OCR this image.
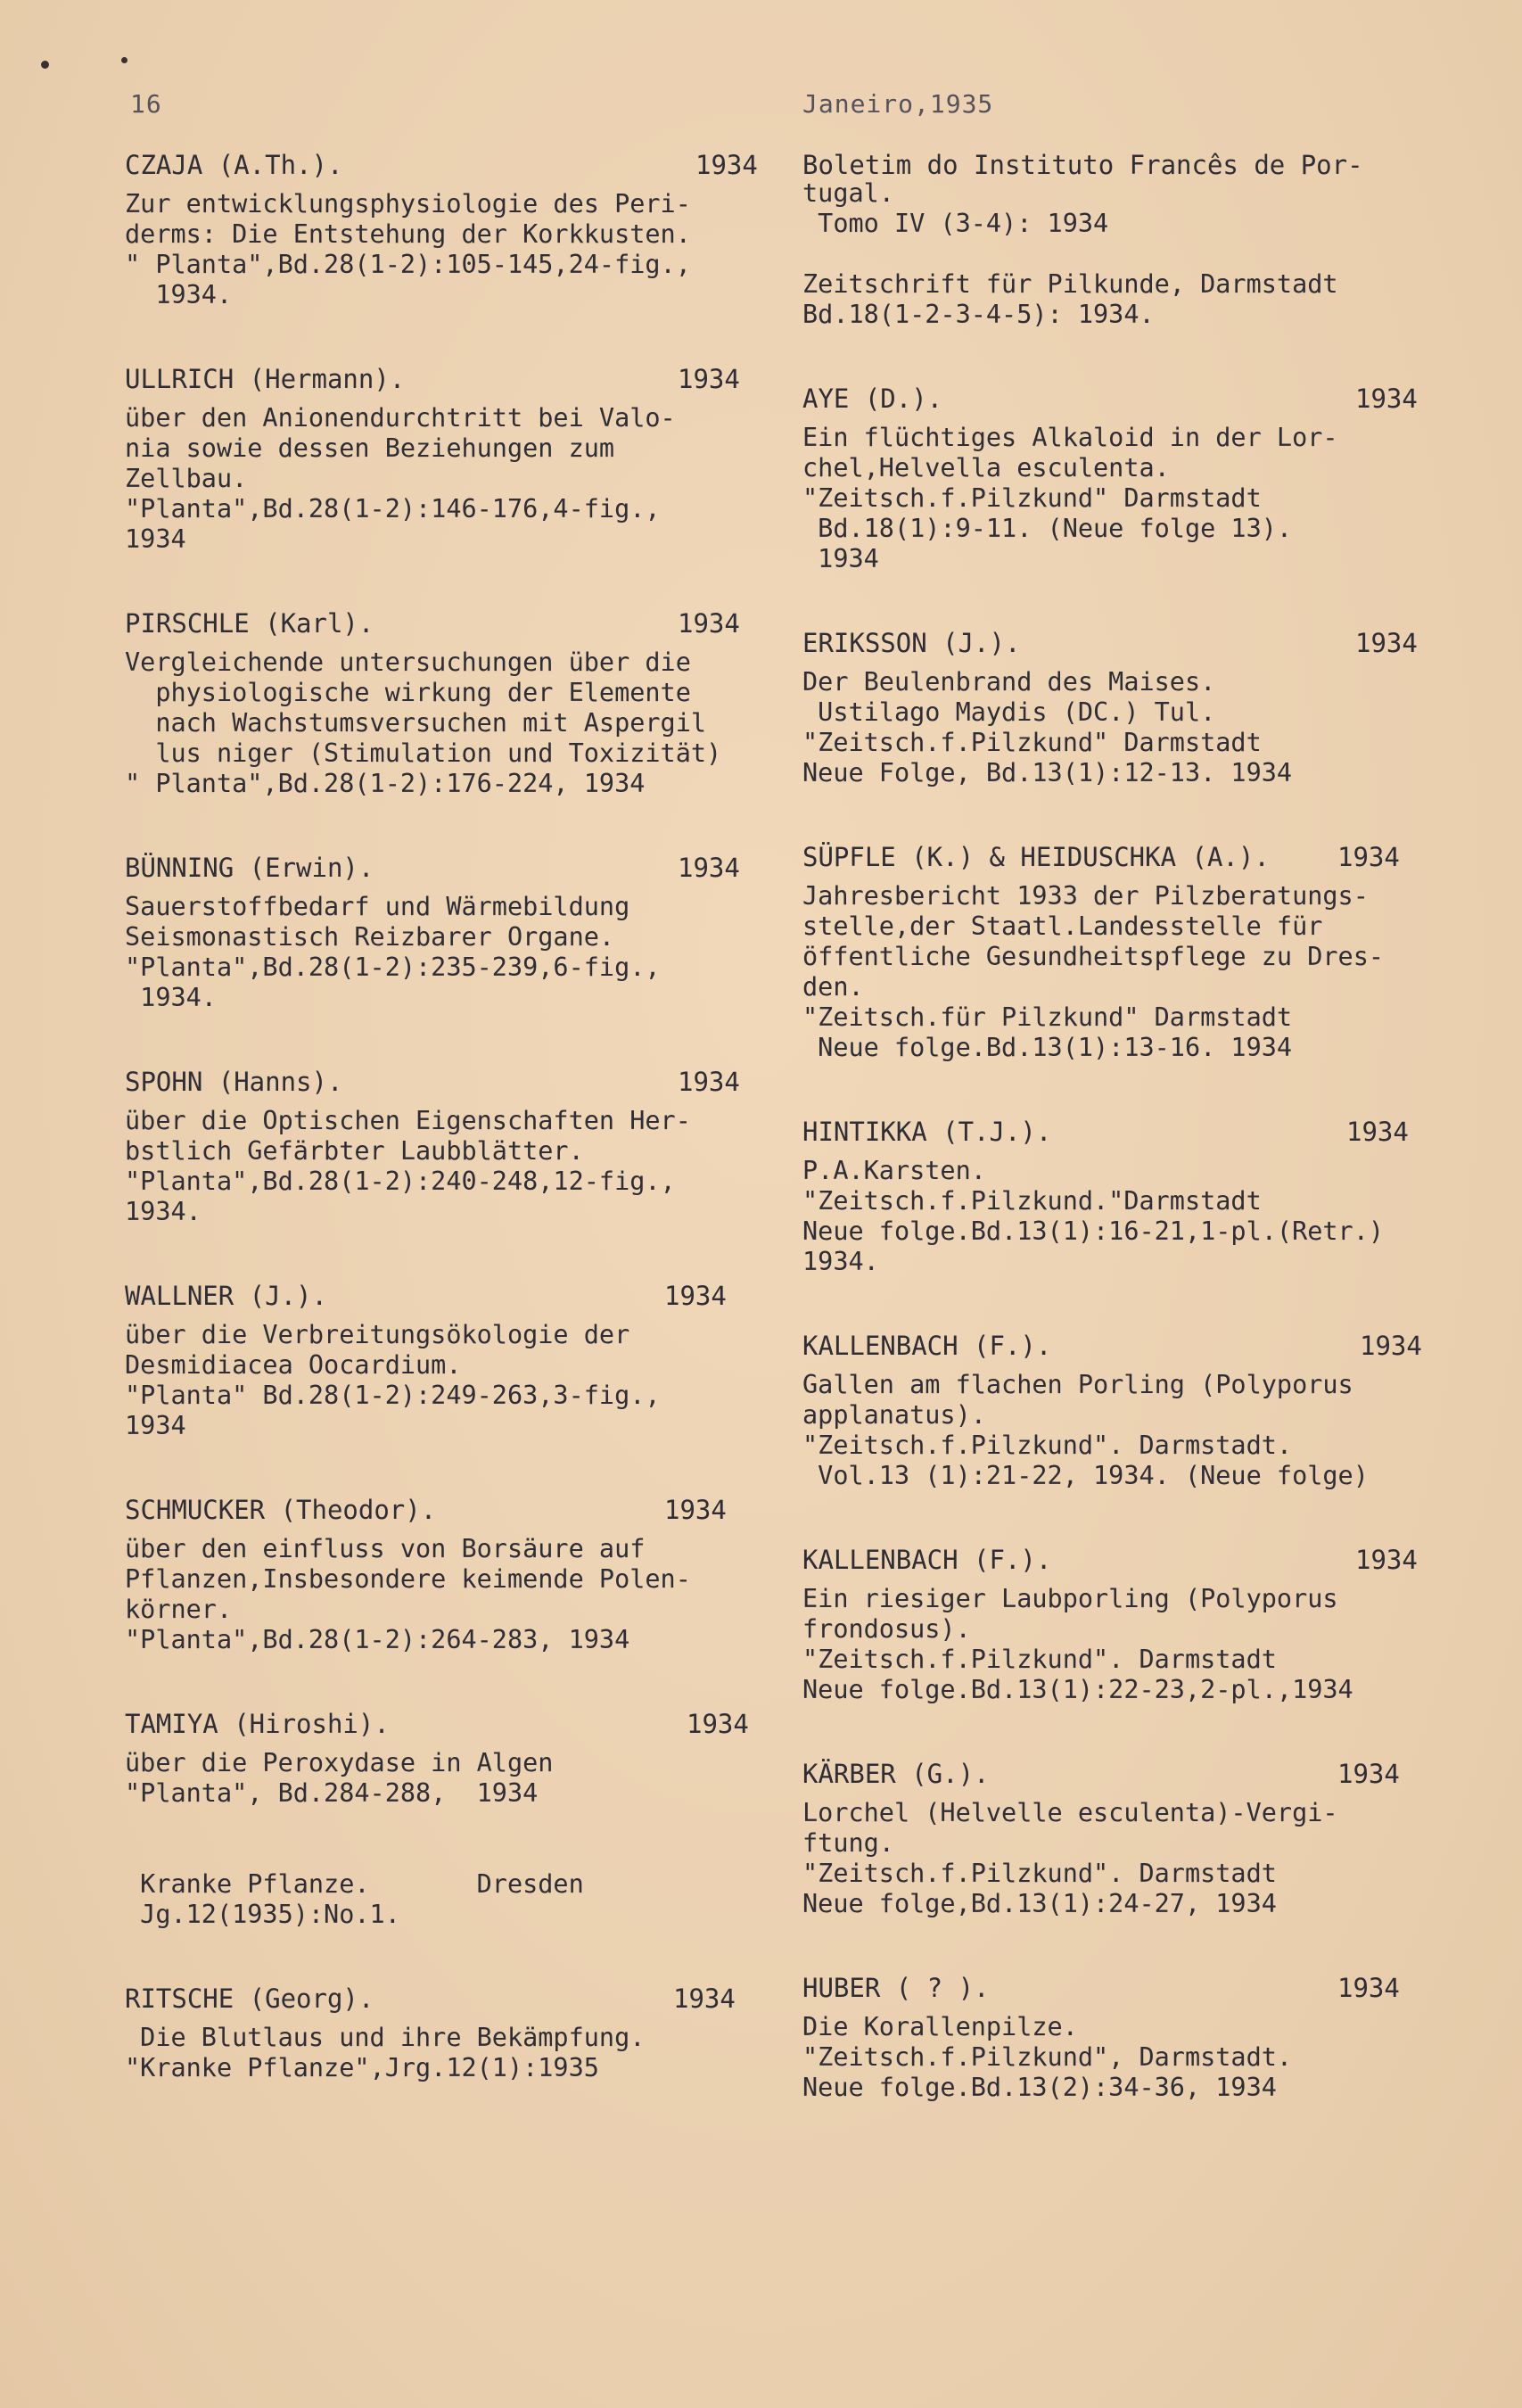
16	Janeiro,1935
CZAJA (A.Th.).	1934
Zur entwicklungsphysiologie des Peri-
derms: Die Entstehung der Korkkusten.
" Planta",Bd.28(1-2):105-145,24-fig.,
1934.
ULLRICH (Hermann).	1934
über den Anionendurchtritt bei Valo-
nia sowie dessen Beziehungen zum
Zellbau.
"Planta",Bd.28(1-2):146-176,4-fig.,
1934
PIRSCHLE (Karl).	1934
Vergleichende untersuchungen über die
physiologische wirkung der Elemente
nach Wachstumsversuchen mit Aspergil
lus niger (Stimulation und Toxizität)
" Planta",Bd.28(1-2):176-224, 1934
BÜNNING (Erwin).	1934
Sauerstoffbedarf und Wärmebildung
Seismonastisch Reizbarer Organe.
"Planta",Bd.28(1-2):235-239,6-fig.,
1934.
SPOHN (Hanns).	1934
über die Optischen Eigenschaften Her-
bstlich Gefärbter Laubblätter.
"Planta",Bd.28(1-2):240-248,12-fig.,
1934.
WALLNER (J.).	1934
über die Verbreitungsökologie der
Desmidiacea Oocardium.
"Planta" Bd.28(1-2):249-263,3-fig.,
1934
SCHMUCKER (Theodor).	1934
über den einfluss von Borsäure auf
Pflanzen,Insbesondere keimende Polen-
körner.
"Planta",Bd.28(1-2):264-283, 1934
TAMIYA (Hiroshi).	1934
über die Peroxydase in Algen
"Planta", Bd.284-288,  1934

Kranke Pflanze.       Dresden
Jg.12(1935):No.1.
RITSCHE (Georg).	1934
Die Blutlaus und ihre Bekämpfung.
"Kranke Pflanze",Jrg.12(1):1935
Boletim do Instituto Francês de Por-
tugal.
Tomo IV (3-4): 1934

Zeitschrift für Pilkunde, Darmstadt
Bd.18(1-2-3-4-5): 1934.
AYE (D.).	1934
Ein flüchtiges Alkaloid in der Lor-
chel,Helvella esculenta.
"Zeitsch.f.Pilzkund" Darmstadt
Bd.18(1):9-11. (Neue folge 13).
1934
ERIKSSON (J.).	1934
Der Beulenbrand des Maises.
Ustilago Maydis (DC.) Tul.
"Zeitsch.f.Pilzkund" Darmstadt
Neue Folge, Bd.13(1):12-13. 1934
SÜPFLE (K.) & HEIDUSCHKA (A.).	1934
Jahresbericht 1933 der Pilzberatungs-
stelle,der Staatl.Landesstelle für
öffentliche Gesundheitspflege zu Dres-
den.
"Zeitsch.für Pilzkund" Darmstadt
Neue folge.Bd.13(1):13-16. 1934
HINTIKKA (T.J.).	1934
P.A.Karsten.
"Zeitsch.f.Pilzkund."Darmstadt
Neue folge.Bd.13(1):16-21,1-pl.(Retr.)
1934.
KALLENBACH (F.).	1934
Gallen am flachen Porling (Polyporus
applanatus).
"Zeitsch.f.Pilzkund". Darmstadt.
Vol.13 (1):21-22, 1934. (Neue folge)
KALLENBACH (F.).	1934
Ein riesiger Laubporling (Polyporus
frondosus).
"Zeitsch.f.Pilzkund". Darmstadt
Neue folge.Bd.13(1):22-23,2-pl.,1934
KÄRBER (G.).	1934
Lorchel (Helvelle esculenta)-Vergi-
ftung.
"Zeitsch.f.Pilzkund". Darmstadt
Neue folge,Bd.13(1):24-27, 1934
HUBER ( ? ).	1934
Die Korallenpilze.
"Zeitsch.f.Pilzkund", Darmstadt.
Neue folge.Bd.13(2):34-36, 1934
